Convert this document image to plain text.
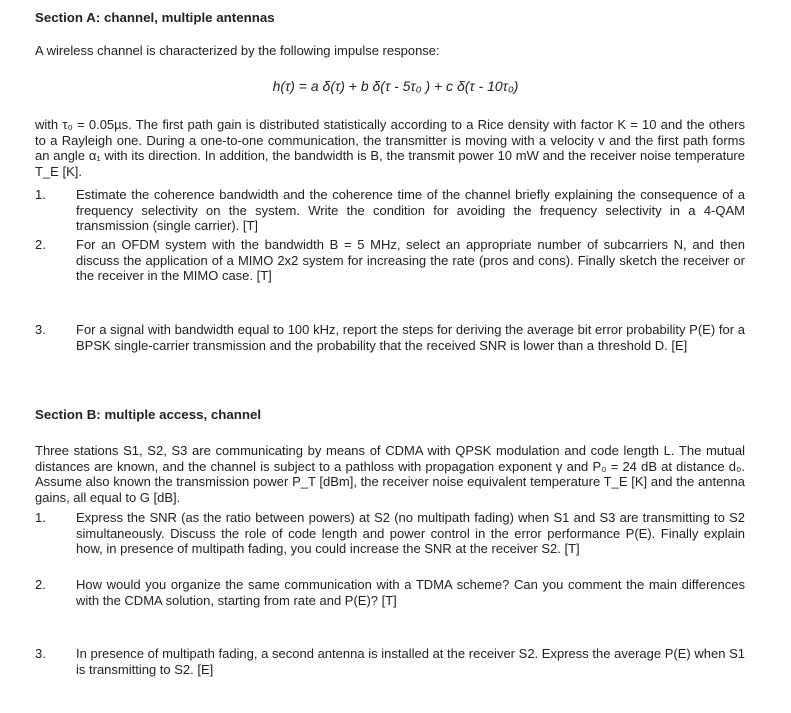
Section A: channel, multiple antennas
A wireless channel is characterized by the following impulse response:
h(τ) = a δ(τ) + b δ(τ - 5τ₀ ) + c δ(τ - 10τ₀)
with τ₀ = 0.05µs. The first path gain is distributed statistically according to a Rice density with factor K = 10 and the others to a Rayleigh one. During a one-to-one communication, the transmitter is moving with a velocity v and the first path forms an angle α₁ with its direction. In addition, the bandwidth is B, the transmit power 10 mW and the receiver noise temperature T_E [K].
1. Estimate the coherence bandwidth and the coherence time of the channel briefly explaining the consequence of a frequency selectivity on the system. Write the condition for avoiding the frequency selectivity in a 4-QAM transmission (single carrier). [T]
2. For an OFDM system with the bandwidth B = 5 MHz, select an appropriate number of subcarriers N, and then discuss the application of a MIMO 2x2 system for increasing the rate (pros and cons). Finally sketch the receiver or the receiver in the MIMO case. [T]
3. For a signal with bandwidth equal to 100 kHz, report the steps for deriving the average bit error probability P(E) for a BPSK single-carrier transmission and the probability that the received SNR is lower than a threshold D. [E]
Section B: multiple access, channel
Three stations S1, S2, S3 are communicating by means of CDMA with QPSK modulation and code length L. The mutual distances are known, and the channel is subject to a pathloss with propagation exponent γ and P₀ = 24 dB at distance d₀. Assume also known the transmission power P_T [dBm], the receiver noise equivalent temperature T_E [K] and the antenna gains, all equal to G [dB].
1. Express the SNR (as the ratio between powers) at S2 (no multipath fading) when S1 and S3 are transmitting to S2 simultaneously. Discuss the role of code length and power control in the error performance P(E). Finally explain how, in presence of multipath fading, you could increase the SNR at the receiver S2. [T]
2. How would you organize the same communication with a TDMA scheme? Can you comment the main differences with the CDMA solution, starting from rate and P(E)? [T]
3. In presence of multipath fading, a second antenna is installed at the receiver S2. Express the average P(E) when S1 is transmitting to S2. [E]
